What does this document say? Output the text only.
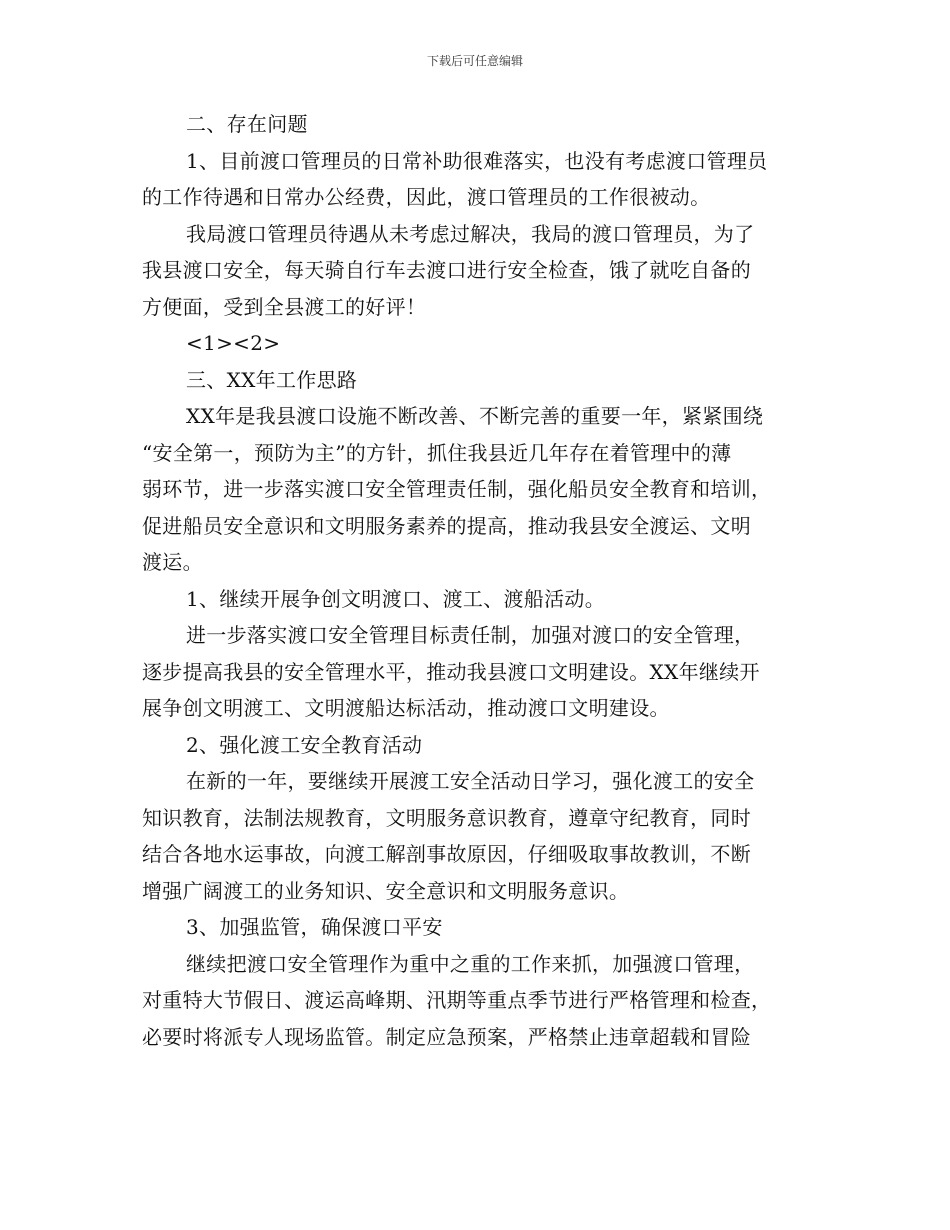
下载后可任意编辑
二、存在问题
1、目前渡口管理员的日常补助很难落实，也没有考虑渡口管理员
的工作待遇和日常办公经费，因此，渡口管理员的工作很被动。
我局渡口管理员待遇从未考虑过解决，我局的渡口管理员，为了
我县渡口安全，每天骑自行车去渡口进行安全检查，饿了就吃自备的
方便面，受到全县渡工的好评！
<1><2>
三、XX年工作思路
XX年是我县渡口设施不断改善、不断完善的重要一年，紧紧围绕
“安全第一，预防为主”的方针，抓住我县近几年存在着管理中的薄
弱环节，进一步落实渡口安全管理责任制，强化船员安全教育和培训，
促进船员安全意识和文明服务素养的提高，推动我县安全渡运、文明
渡运。
1、继续开展争创文明渡口、渡工、渡船活动。
进一步落实渡口安全管理目标责任制，加强对渡口的安全管理，
逐步提高我县的安全管理水平，推动我县渡口文明建设。XX年继续开
展争创文明渡工、文明渡船达标活动，推动渡口文明建设。
2、强化渡工安全教育活动
在新的一年，要继续开展渡工安全活动日学习，强化渡工的安全
知识教育，法制法规教育，文明服务意识教育，遵章守纪教育，同时
结合各地水运事故，向渡工解剖事故原因，仔细吸取事故教训，不断
增强广阔渡工的业务知识、安全意识和文明服务意识。
3、加强监管，确保渡口平安
继续把渡口安全管理作为重中之重的工作来抓，加强渡口管理，
对重特大节假日、渡运高峰期、汛期等重点季节进行严格管理和检查，
必要时将派专人现场监管。制定应急预案，严格禁止违章超载和冒险
